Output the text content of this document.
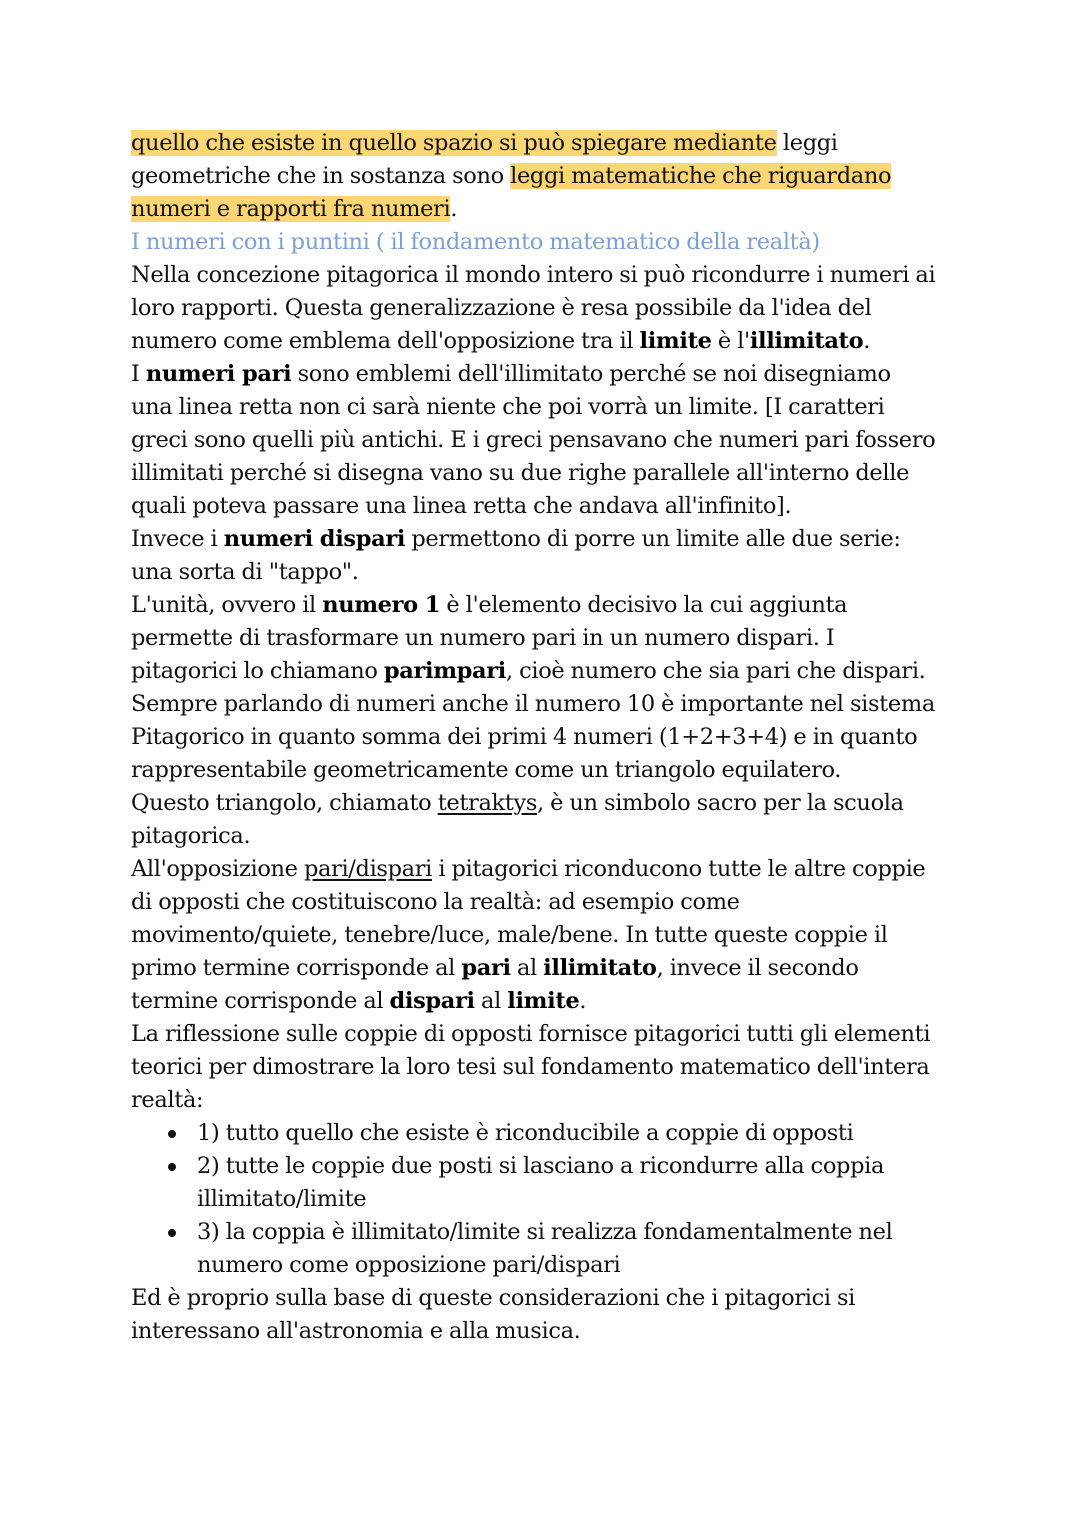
quello che esiste in quello spazio si può spiegare mediante leggi
geometriche che in sostanza sono leggi matematiche che riguardano
numeri e rapporti fra numeri.
I numeri con i puntini ( il fondamento matematico della realtà)
Nella concezione pitagorica il mondo intero si può ricondurre i numeri ai
loro rapporti. Questa generalizzazione è resa possibile da l'idea del
numero come emblema dell'opposizione tra il limite è l'illimitato.
I numeri pari sono emblemi dell'illimitato perché se noi disegniamo
una linea retta non ci sarà niente che poi vorrà un limite. [I caratteri
greci sono quelli più antichi. E i greci pensavano che numeri pari fossero
illimitati perché si disegna vano su due righe parallele all'interno delle
quali poteva passare una linea retta che andava all'infinito].
Invece i numeri dispari permettono di porre un limite alle due serie:
una sorta di "tappo".
L'unità, ovvero il numero 1 è l'elemento decisivo la cui aggiunta
permette di trasformare un numero pari in un numero dispari. I
pitagorici lo chiamano parimpari, cioè numero che sia pari che dispari.
Sempre parlando di numeri anche il numero 10 è importante nel sistema
Pitagorico in quanto somma dei primi 4 numeri (1+2+3+4) e in quanto
rappresentabile geometricamente come un triangolo equilatero.
Questo triangolo, chiamato tetraktys, è un simbolo sacro per la scuola
pitagorica.
All'opposizione pari/dispari i pitagorici riconducono tutte le altre coppie
di opposti che costituiscono la realtà: ad esempio come
movimento/quiete, tenebre/luce, male/bene. In tutte queste coppie il
primo termine corrisponde al pari al illimitato, invece il secondo
termine corrisponde al dispari al limite.
La riflessione sulle coppie di opposti fornisce pitagorici tutti gli elementi
teorici per dimostrare la loro tesi sul fondamento matematico dell'intera
realtà:
1) tutto quello che esiste è riconducibile a coppie di opposti
2) tutte le coppie due posti si lasciano a ricondurre alla coppia
illimitato/limite
3) la coppia è illimitato/limite si realizza fondamentalmente nel
numero come opposizione pari/dispari
Ed è proprio sulla base di queste considerazioni che i pitagorici si
interessano all'astronomia e alla musica.
